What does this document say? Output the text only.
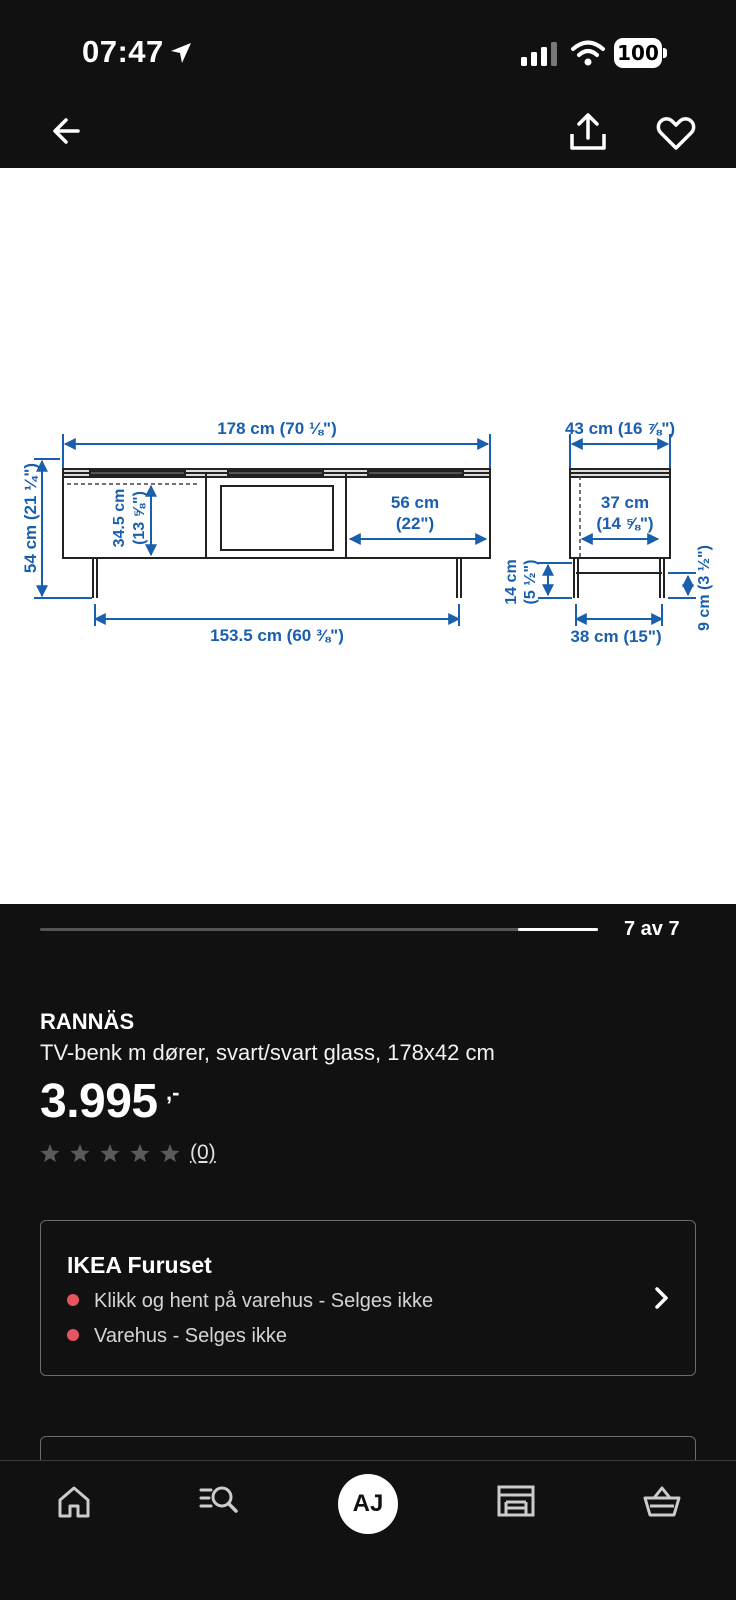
07:47	100
178 cm (70 ⅛")
54 cm (21 ¼")	34.5 cm (13 ⅝")	56 cm
(22")
153.5 cm (60 ⅜")
14 cm (5 ½")
43 cm (16 ⅞")
37 cm
(14 ⅝")
38 cm (15")
9 cm (3 ½")
7 av 7
RANNÄS
TV-benk m dører, svart/svart glass, 178x42 cm
3.995 ,-
(0)
IKEA Furuset
Klikk og hent på varehus - Selges ikke
Varehus - Selges ikke
AJ
